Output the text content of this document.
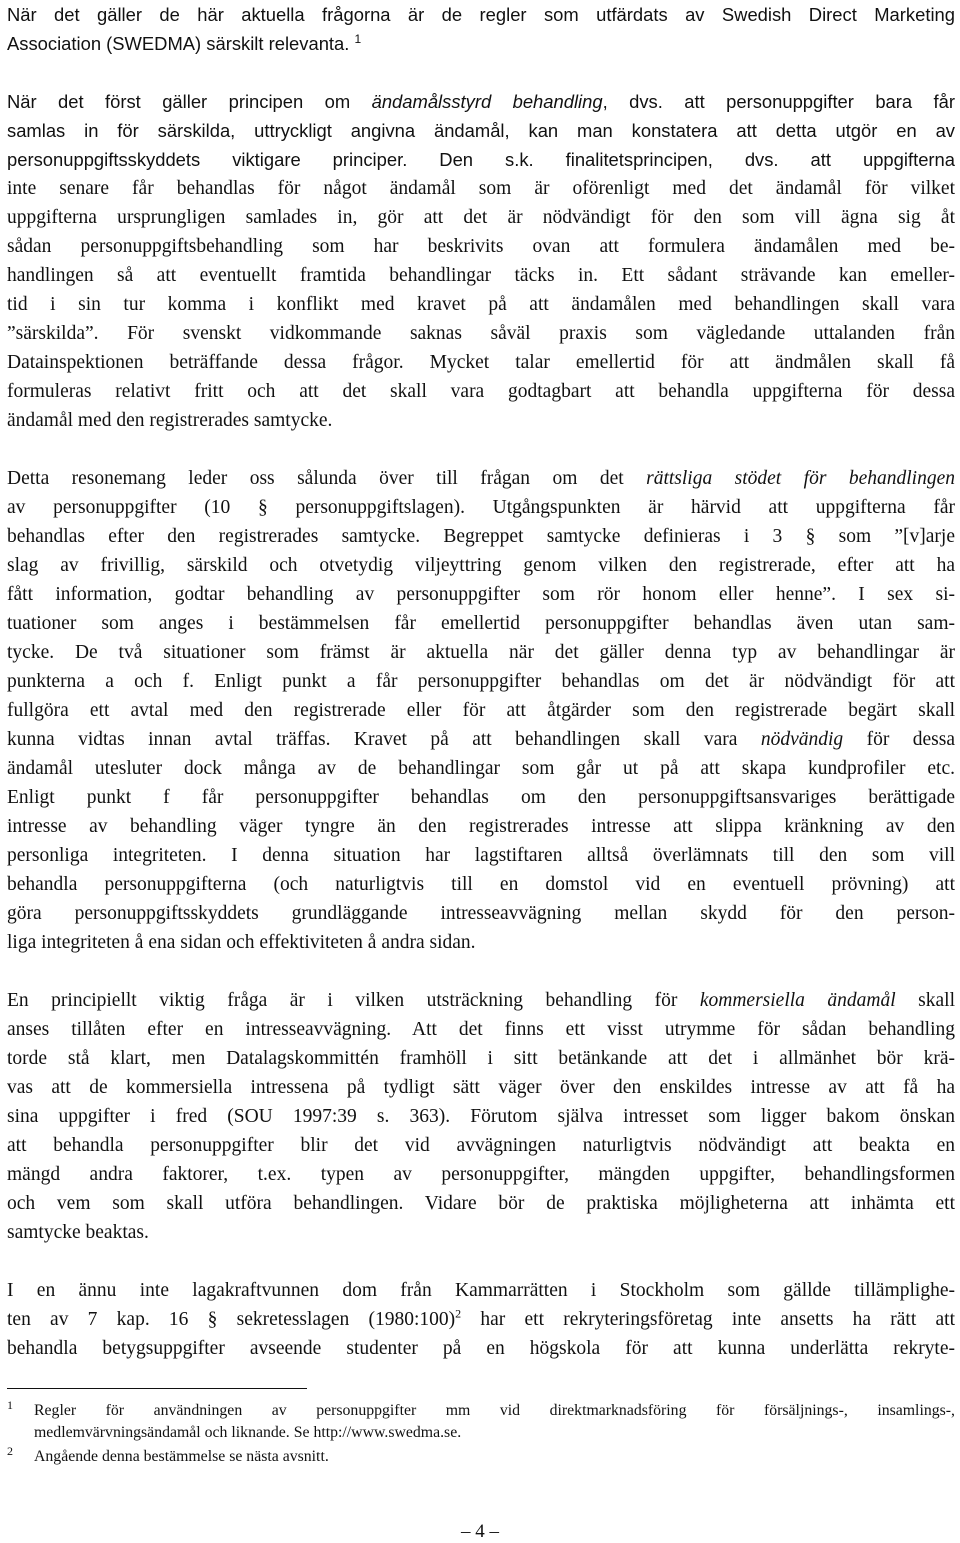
När det gäller de här aktuella frågorna är de regler som utfärdats av Swedish Direct Marketing
Association (SWEDMA) särskilt relevanta. $^1$
När det först gäller principen om ändamålsstyrd behandling, dvs. att personuppgifter bara får
samlas in för särskilda, uttryckligt angivna ändamål, kan man konstatera att detta utgör en av
personuppgiftsskyddets viktigare principer. Den s.k. finalitetsprincipen, dvs. att uppgifterna
inte senare får behandlas för något ändamål som är oförenligt med det ändamål för vilket
uppgifterna ursprungligen samlades in, gör att det är nödvändigt för den som vill ägna sig åt
sådan personuppgiftsbehandling som har beskrivits ovan att formulera ändamålen med be-
handlingen så att eventuellt framtida behandlingar täcks in. Ett sådant strävande kan emeller-
tid i sin tur komma i konflikt med kravet på att ändamålen med behandlingen skall vara
”särskilda”. För svenskt vidkommande saknas såväl praxis som vägledande uttalanden från
Datainspektionen beträffande dessa frågor. Mycket talar emellertid för att ändmålen skall få
formuleras relativt fritt och att det skall vara godtagbart att behandla uppgifterna för dessa
ändamål med den registrerades samtycke.
Detta resonemang leder oss sålunda över till frågan om det rättsliga stödet för behandlingen
av personuppgifter (10 § personuppgiftslagen). Utgångspunkten är härvid att uppgifterna får
behandlas efter den registrerades samtycke. Begreppet samtycke definieras i 3 § som ”[v]arje
slag av frivillig, särskild och otvetydig viljeyttring genom vilken den registrerade, efter att ha
fått information, godtar behandling av personuppgifter som rör honom eller henne”. I sex si-
tuationer som anges i bestämmelsen får emellertid personuppgifter behandlas även utan sam-
tycke. De två situationer som främst är aktuella när det gäller denna typ av behandlingar är
punkterna a och f. Enligt punkt a får personuppgifter behandlas om det är nödvändigt för att
fullgöra ett avtal med den registrerade eller för att åtgärder som den registrerade begärt skall
kunna vidtas innan avtal träffas. Kravet på att behandlingen skall vara nödvändig för dessa
ändamål utesluter dock många av de behandlingar som går ut på att skapa kundprofiler etc.
Enligt punkt f får personuppgifter behandlas om den personuppgiftsansvariges berättigade
intresse av behandling väger tyngre än den registrerades intresse att slippa kränkning av den
personliga integriteten. I denna situation har lagstiftaren alltså överlämnats till den som vill
behandla personuppgifterna (och naturligtvis till en domstol vid en eventuell prövning) att
göra personuppgiftsskyddets grundläggande intresseavvägning mellan skydd för den person-
liga integriteten å ena sidan och effektiviteten å andra sidan.
En principiellt viktig fråga är i vilken utsträckning behandling för kommersiella ändamål skall
anses tillåten efter en intresseavvägning. Att det finns ett visst utrymme för sådan behandling
torde stå klart, men Datalagskommittén framhöll i sitt betänkande att det i allmänhet bör krä-
vas att de kommersiella intressena på tydligt sätt väger över den enskildes intresse av att få ha
sina uppgifter i fred (SOU 1997:39 s. 363). Förutom själva intresset som ligger bakom önskan
att behandla personuppgifter blir det vid avvägningen naturligtvis nödvändigt att beakta en
mängd andra faktorer, t.ex. typen av personuppgifter, mängden uppgifter, behandlingsformen
och vem som skall utföra behandlingen. Vidare bör de praktiska möjligheterna att inhämta ett
samtycke beaktas.
I en ännu inte lagakraftvunnen dom från Kammarrätten i Stockholm som gällde tillämplighe-
ten av 7 kap. 16 § sekretesslagen (1980:100)$^2$ har ett rekryteringsföretag inte ansetts ha rätt att
behandla betygsuppgifter avseende studenter på en högskola för att kunna underlätta rekryte-
1 Regler för användningen av personuppgifter mm vid direktmarknadsföring för försäljnings-, insamlings-,
medlemvärvningsändamål och liknande. Se http://www.swedma.se.
2 Angående denna bestämmelse se nästa avsnitt.
– 4 –
